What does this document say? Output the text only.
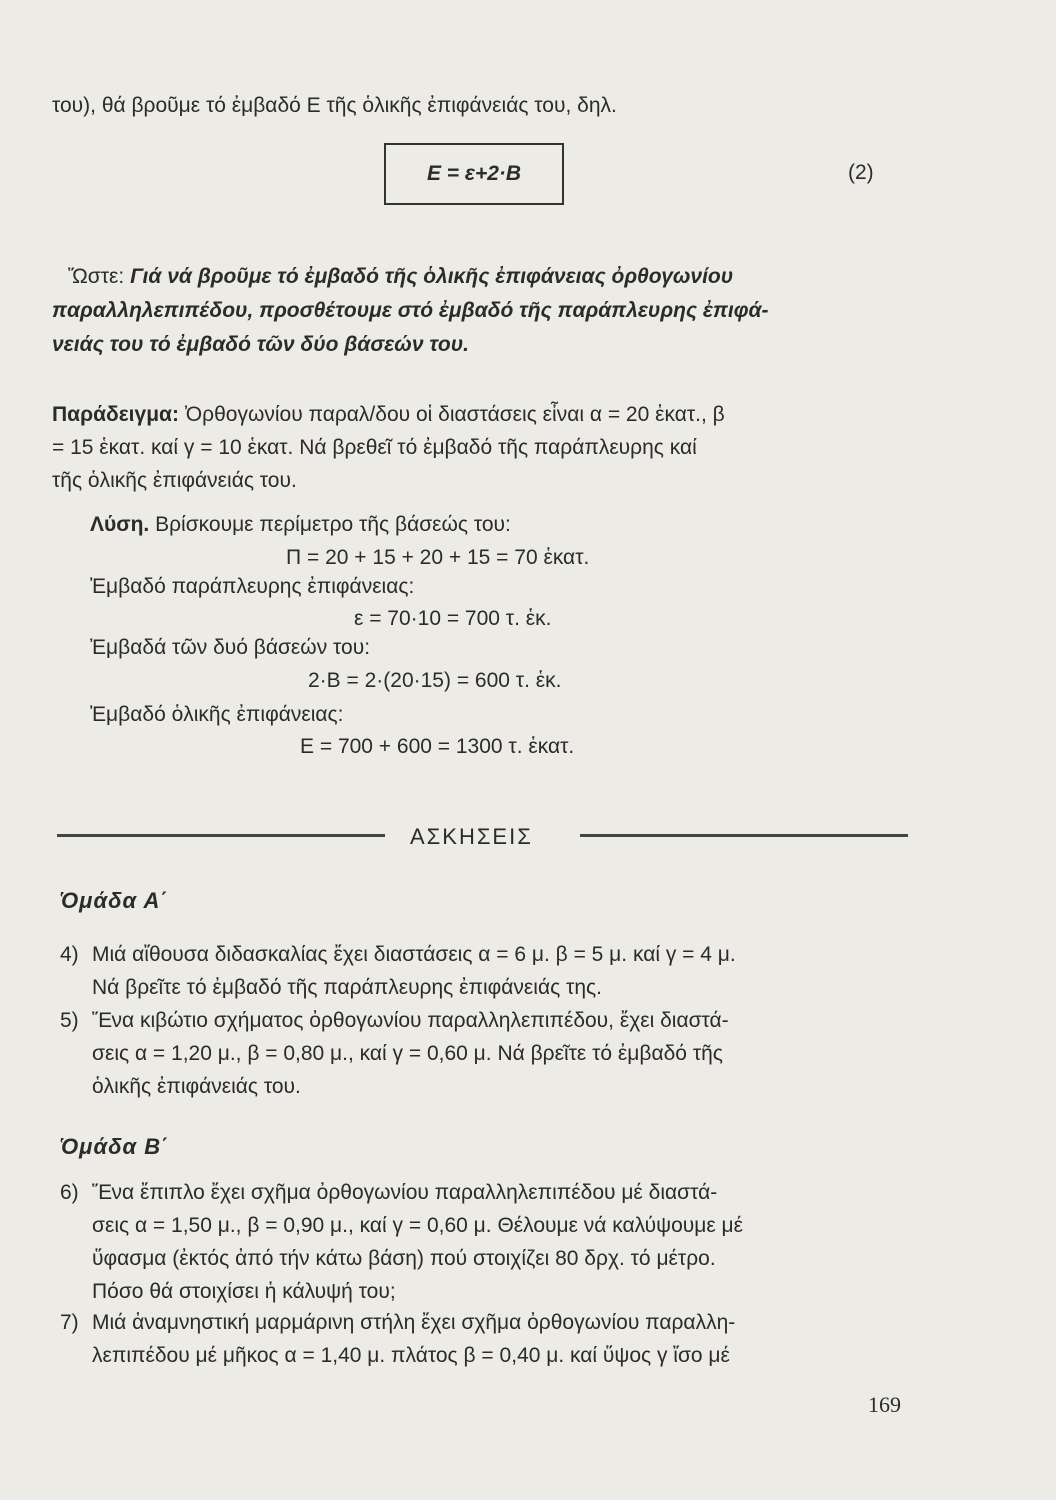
του), θά βροῦμε τό ἐμβαδό Ε τῆς ὁλικῆς ἐπιφάνειάς του, δηλ.
E = ε+2·B	(2)
Ὥστε: Γιά νά βροῦμε τό ἐμβαδό τῆς ὁλικῆς ἐπιφάνειας ὀρθογωνίου
παραλληλεπιπέδου, προσθέτουμε στό ἐμβαδό τῆς παράπλευρης ἐπιφά-
νειάς του τό ἐμβαδό τῶν δύο βάσεών του.
Παράδειγμα: Ὀρθογωνίου παραλ/δου οἱ διαστάσεις εἶναι α = 20 ἑκατ., β
= 15 ἑκατ. καί γ = 10 ἑκατ. Νά βρεθεῖ τό ἐμβαδό τῆς παράπλευρης καί
τῆς ὁλικῆς ἐπιφάνειάς του.
Λύση. Βρίσκουμε περίμετρο τῆς βάσεώς του:
Π = 20 + 15 + 20 + 15 = 70 ἑκατ.
Ἐμβαδό παράπλευρης ἐπιφάνειας:
ε = 70·10 = 700 τ. ἑκ.
Ἐμβαδά τῶν δυό βάσεών του:
2·B = 2·(20·15) = 600 τ. ἑκ.
Ἐμβαδό ὁλικῆς ἐπιφάνειας:
E = 700 + 600 = 1300 τ. ἑκατ.
ΑΣΚΗΣΕΙΣ
Ὁμάδα Α΄
4) Μιά αἴθουσα διδασκαλίας ἔχει διαστάσεις α = 6 μ. β = 5 μ. καί γ = 4 μ.
Νά βρεῖτε τό ἐμβαδό τῆς παράπλευρης ἐπιφάνειάς της.
5) Ἕνα κιβώτιο σχήματος ὀρθογωνίου παραλληλεπιπέδου, ἔχει διαστά-
σεις α = 1,20 μ., β = 0,80 μ., καί γ = 0,60 μ. Νά βρεῖτε τό ἐμβαδό τῆς
ὁλικῆς ἐπιφάνειάς του.
Ὁμάδα Β΄
6) Ἕνα ἔπιπλο ἔχει σχῆμα ὀρθογωνίου παραλληλεπιπέδου μέ διαστά-
σεις α = 1,50 μ., β = 0,90 μ., καί γ = 0,60 μ. Θέλουμε νά καλύψουμε μέ
ὕφασμα (ἐκτός ἀπό τήν κάτω βάση) πού στοιχίζει 80 δρχ. τό μέτρο.
Πόσο θά στοιχίσει ἡ κάλυψή του;
7) Μιά ἀναμνηστική μαρμάρινη στήλη ἔχει σχῆμα ὀρθογωνίου παραλλη-
λεπιπέδου μέ μῆκος α = 1,40 μ. πλάτος β = 0,40 μ. καί ὕψος γ ἴσο μέ
169
